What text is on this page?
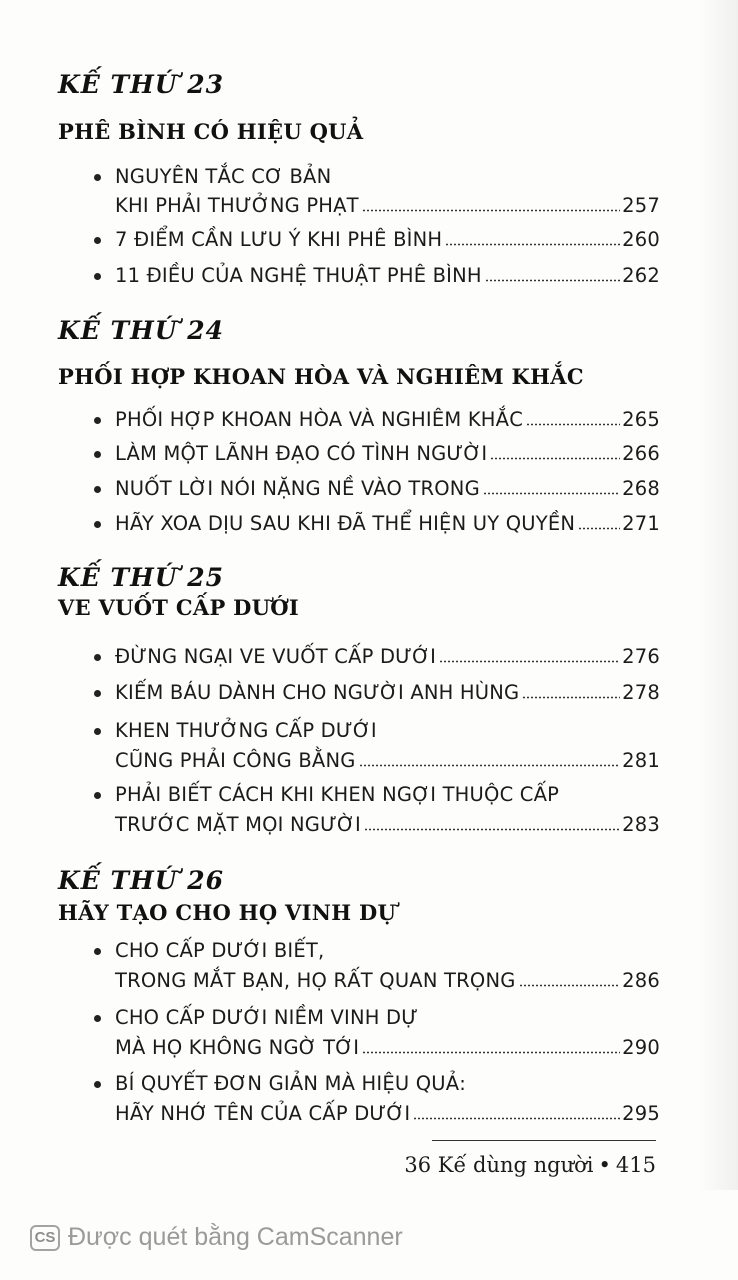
KẾ THỨ 23
PHÊ BÌNH CÓ HIỆU QUẢ
NGUYÊN TẮC CƠ BẢN
KHI PHẢI THƯỞNG PHẠT	257
7 ĐIỂM CẦN LƯU Ý KHI PHÊ BÌNH	260
11 ĐIỀU CỦA NGHỆ THUẬT PHÊ BÌNH	262
KẾ THỨ 24
PHỐI HỢP KHOAN HÒA VÀ NGHIÊM KHẮC
PHỐI HỢP KHOAN HÒA VÀ NGHIÊM KHẮC	265
LÀM MỘT LÃNH ĐẠO CÓ TÌNH NGƯỜI	266
NUỐT LỜI NÓI NẶNG NỀ VÀO TRONG	268
HÃY XOA DỊU SAU KHI ĐÃ THỂ HIỆN UY QUYỀN 271
KẾ THỨ 25
VE VUỐT CẤP DƯỚI
ĐỪNG NGẠI VE VUỐT CẤP DƯỚI	276
KIẾM BÁU DÀNH CHO NGƯỜI ANH HÙNG	278
KHEN THƯỞNG CẤP DƯỚI
CŨNG PHẢI CÔNG BẰNG	281
PHẢI BIẾT CÁCH KHI KHEN NGỢI THUỘC CẤP
TRƯỚC MẶT MỌI NGƯỜI	283
KẾ THỨ 26
HÃY TẠO CHO HỌ VINH DỰ
CHO CẤP DƯỚI BIẾT,
TRONG MẮT BẠN, HỌ RẤT QUAN TRỌNG	286
CHO CẤP DƯỚI NIỀM VINH DỰ
MÀ HỌ KHÔNG NGỜ TỚI	290
BÍ QUYẾT ĐƠN GIẢN MÀ HIỆU QUẢ:
HÃY NHỚ TÊN CỦA CẤP DƯỚI	295
36 Kế dùng người • 415
CS Được quét bằng CamScanner
